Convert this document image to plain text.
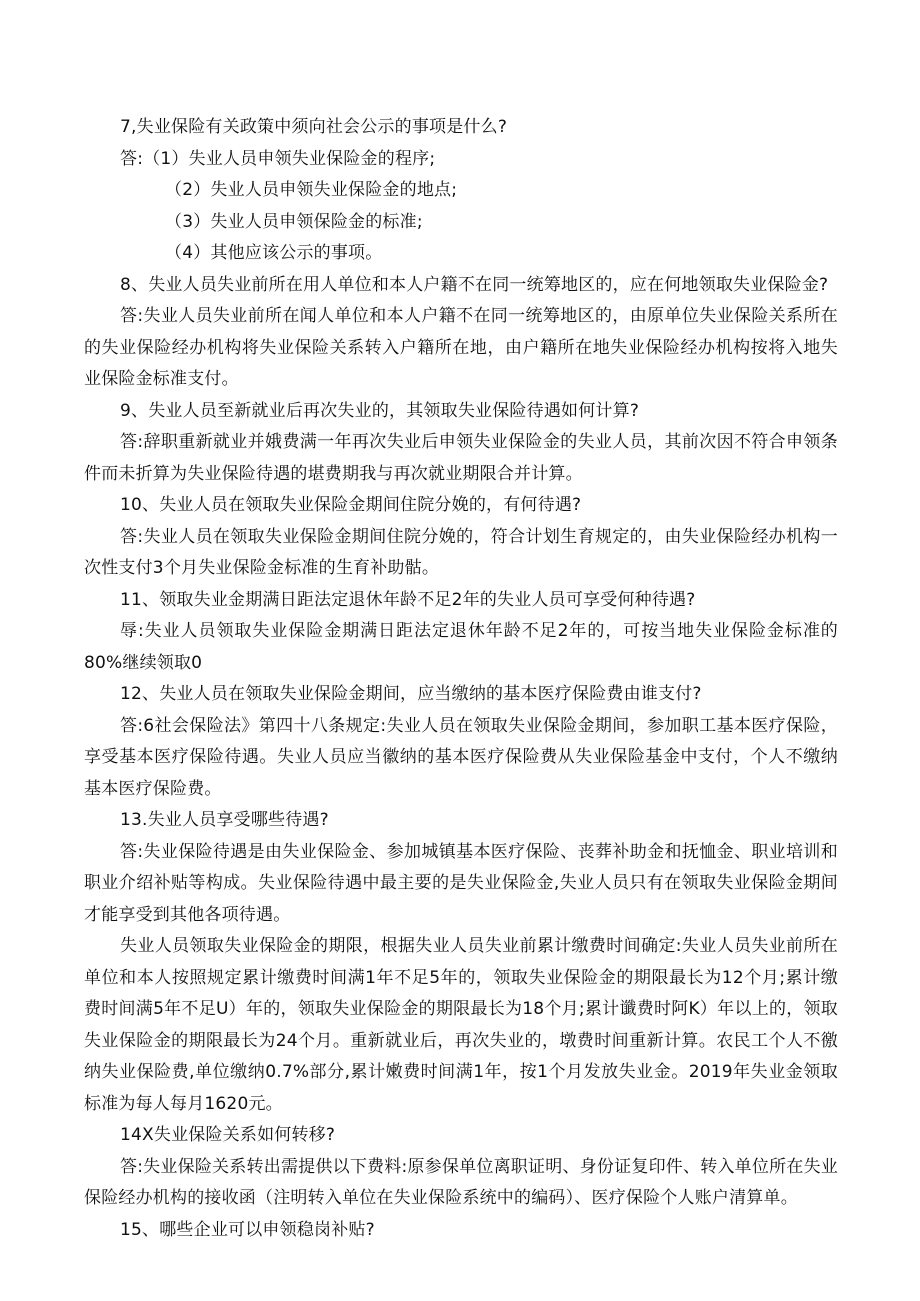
7,失业保险有关政策中须向社会公示的事项是什么?

答:（1）失业人员申领失业保险金的程序;

（2）失业人员申领失业保险金的地点;

（3）失业人员申领保险金的标准;

（4）其他应该公示的事项。

8、失业人员失业前所在用人单位和本人户籍不在同一统筹地区的，应在何地领取失业保险金?

答:失业人员失业前所在闻人单位和本人户籍不在同一统筹地区的，由原单位失业保险关系所在的失业保险经办机构将失业保险关系转入户籍所在地，由户籍所在地失业保险经办机构按将入地失业保险金标准支付。

9、失业人员至新就业后再次失业的，其领取失业保险待遇如何计算?

答:辞职重新就业并娥费满一年再次失业后申领失业保险金的失业人员，其前次因不符合申领条件而未折算为失业保险待遇的堪费期我与再次就业期限合并计算。

10、失业人员在领取失业保险金期间住院分娩的，有何待遇?

答:失业人员在领取失业保险金期间住院分娩的，符合计划生育规定的，由失业保险经办机构一次性支付3个月失业保险金标准的生育补助骷。

11、领取失业金期满日距法定退休年龄不足2年的失业人员可享受何种待遇?

辱:失业人员领取失业保险金期满日距法定退休年龄不足2年的，可按当地失业保险金标准的80%继续领取0

12、失业人员在领取失业保险金期间，应当缴纳的基本医疗保险费由谁支付?

答:6社会保险法》第四十八条规定:失业人员在领取失业保险金期间，参加职工基本医疗保险，享受基本医疗保险待遇。失业人员应当徽纳的基本医疗保险费从失业保险基金中支付，个人不缴纳基本医疗保险费。

13.失业人员享受哪些待遇?

答:失业保险待遇是由失业保险金、参加城镇基本医疗保险、丧葬补助金和抚恤金、职业培训和职业介绍补贴等构成。失业保险待遇中最主要的是失业保险金,失业人员只有在领取失业保险金期间才能享受到其他各项待遇。

失业人员领取失业保险金的期限，根据失业人员失业前累计缴费时间确定:失业人员失业前所在单位和本人按照规定累计缴费时间满1年不足5年的，领取失业保险金的期限最长为12个月;累计缴费时间满5年不足U）年的，领取失业保险金的期限最长为18个月;累计谶费时阿K）年以上的，领取失业保险金的期限最长为24个月。重新就业后，再次失业的，墩费时间重新计算。农民工个人不徼纳失业保险费,单位缴纳0.7%部分,累计嫩费时间满1年，按1个月发放失业金。2019年失业金领取标准为每人每月1620元。

14X失业保险关系如何转移?

答:失业保险关系转出需提供以下费料:原参保单位离职证明、身份证复印件、转入单位所在失业保险经办机构的接收函（注明转入单位在失业保险系统中的编码）、医疗保险个人账户清算单。

15、哪些企业可以申领稳岗补贴?
